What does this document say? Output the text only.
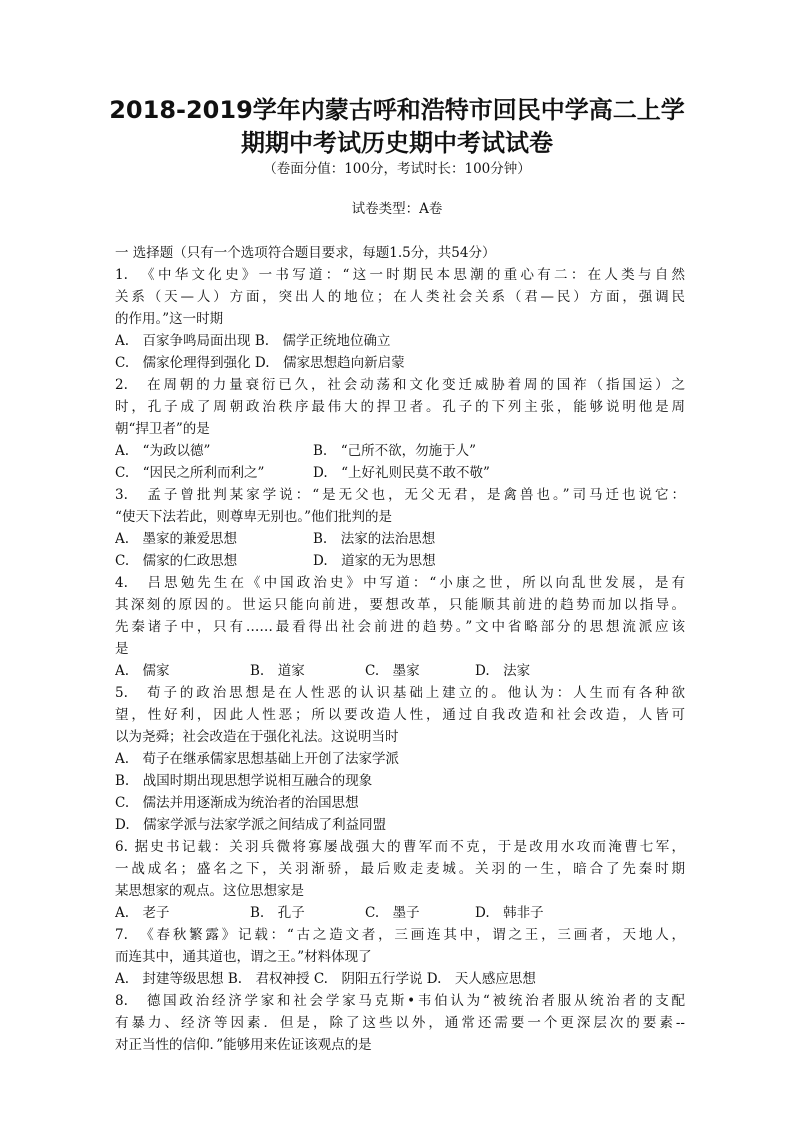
2018-2019学年内蒙古呼和浩特市回民中学高二上学
期期中考试历史期中考试试卷
（卷面分值：100分，考试时长：100分钟）
试卷类型：A卷
一 选择题（只有一个选项符合题目要求，每题1.5分，共54分）
1.　《中华文化史》一书写道：“这一时期民本思潮的重心有二：在人类与自然
关系（天—人）方面，突出人的地位；在人类社会关系（君—民）方面，强调民
的作用。”这一时期
A.　百家争鸣局面出现 B.　儒学正统地位确立
C.　儒家伦理得到强化 D.　儒家思想趋向新启蒙
2.　在周朝的力量衰衍已久，社会动荡和文化变迁威胁着周的国祚（指国运）之
时，孔子成了周朝政治秩序最伟大的捍卫者。孔子的下列主张，能够说明他是周
朝“捍卫者”的是
A.　“为政以德”	B.　“己所不欲，勿施于人”
C.　“因民之所利而利之”	D.　“上好礼则民莫不敢不敬”
3.　孟子曾批判某家学说：“是无父也，无父无君，是禽兽也。”司马迁也说它：
“使天下法若此，则尊卑无别也。”他们批判的是
A.　墨家的兼爱思想	B.　法家的法治思想
C.　儒家的仁政思想	D.　道家的无为思想
4.　吕思勉先生在《中国政治史》中写道：“小康之世，所以向乱世发展，是有
其深刻的原因的。世运只能向前进，要想改革，只能顺其前进的趋势而加以指导。
先秦诸子中，只有……最看得出社会前进的趋势。”文中省略部分的思想流派应该
是
A.　儒家	B.　道家	C.　墨家	D.　法家
5.　荀子的政治思想是在人性恶的认识基础上建立的。他认为：人生而有各种欲
望，性好利，因此人性恶；所以要改造人性，通过自我改造和社会改造，人皆可
以为尧舜；社会改造在于强化礼法。这说明当时
A.　荀子在继承儒家思想基础上开创了法家学派
B.　战国时期出现思想学说相互融合的现象
C.　儒法并用逐渐成为统治者的治国思想
D.　儒家学派与法家学派之间结成了利益同盟
6. 据史书记载：关羽兵微将寡屡战强大的曹军而不克，于是改用水攻而淹曹七军，
一战成名；盛名之下，关羽渐骄，最后败走麦城。关羽的一生，暗合了先秦时期
某思想家的观点。这位思想家是
A.　老子	B.　孔子	C.　墨子	D.　韩非子
7.　《春秋繁露》记载：“古之造文者，三画连其中，谓之王，三画者，天地人，
而连其中，通其道也，谓之王。”材料体现了
A.　封建等级思想 B.　君权神授 C.　阴阳五行学说 D.　天人感应思想
8.　德国政治经济学家和社会学家马克斯•韦伯认为“被统治者服从统治者的支配
有暴力、经济等因素．但是，除了这些以外，通常还需要一个更深层次的要素--
对正当性的信仰．”能够用来佐证该观点的是
